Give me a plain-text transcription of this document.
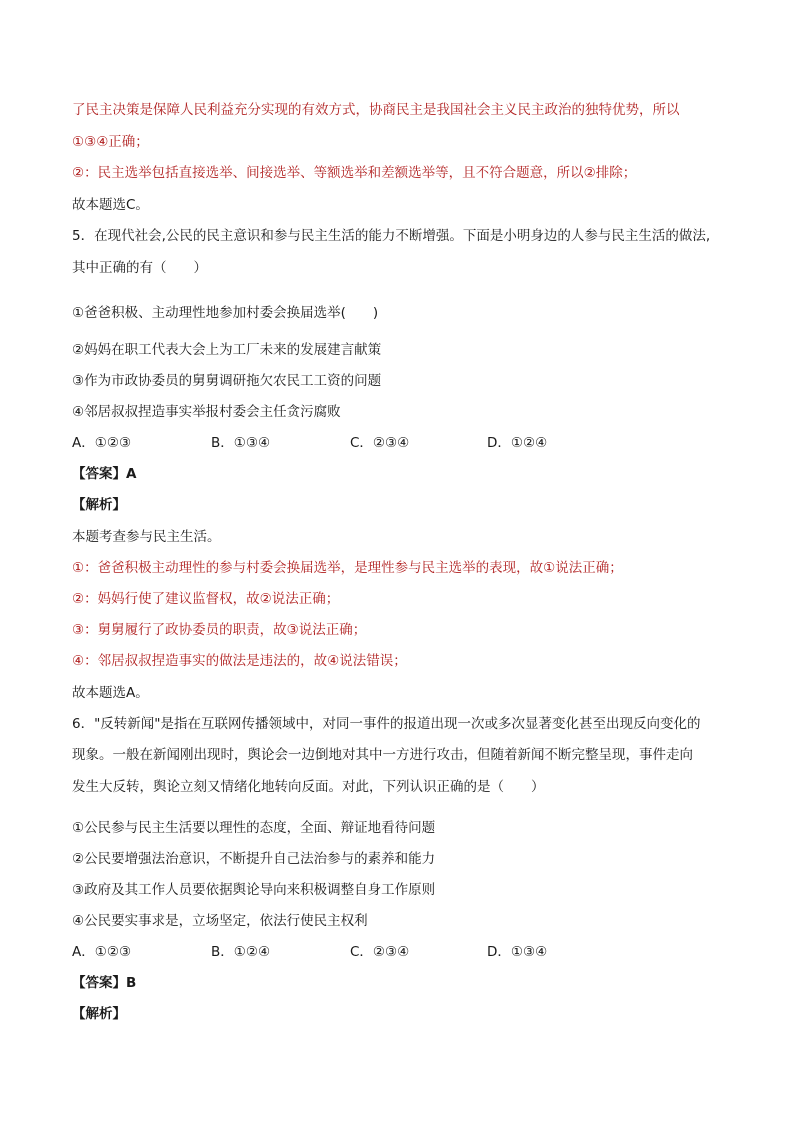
了民主决策是保障人民利益充分实现的有效方式，协商民主是我国社会主义民主政治的独特优势，所以
①③④正确；
②：民主选举包括直接选举、间接选举、等额选举和差额选举等，且不符合题意，所以②排除；
故本题选C。
5．在现代社会,公民的民主意识和参与民主生活的能力不断增强。下面是小明身边的人参与民主生活的做法,
其中正确的有（　　）
①爸爸积极、主动理性地参加村委会换届选举(　　)
②妈妈在职工代表大会上为工厂未来的发展建言献策
③作为市政协委员的舅舅调研拖欠农民工工资的问题
④邻居叔叔捏造事实举报村委会主任贪污腐败
A．①②③	B．①③④	C．②③④	D．①②④
【答案】A
【解析】
本题考查参与民主生活。
①：爸爸积极主动理性的参与村委会换届选举，是理性参与民主选举的表现，故①说法正确；
②：妈妈行使了建议监督权，故②说法正确；
③：舅舅履行了政协委员的职责，故③说法正确；
④：邻居叔叔捏造事实的做法是违法的，故④说法错误；
故本题选A。
6．"反转新闻"是指在互联网传播领域中，对同一事件的报道出现一次或多次显著变化甚至出现反向变化的
现象。一般在新闻刚出现时，舆论会一边倒地对其中一方进行攻击，但随着新闻不断完整呈现，事件走向
发生大反转，舆论立刻又情绪化地转向反面。对此，下列认识正确的是（　　）
①公民参与民主生活要以理性的态度，全面、辩证地看待问题
②公民要增强法治意识，不断提升自己法治参与的素养和能力
③政府及其工作人员要依据舆论导向来积极调整自身工作原则
④公民要实事求是，立场坚定，依法行使民主权利
A．①②③	B．①②④	C．②③④	D．①③④
【答案】B
【解析】
